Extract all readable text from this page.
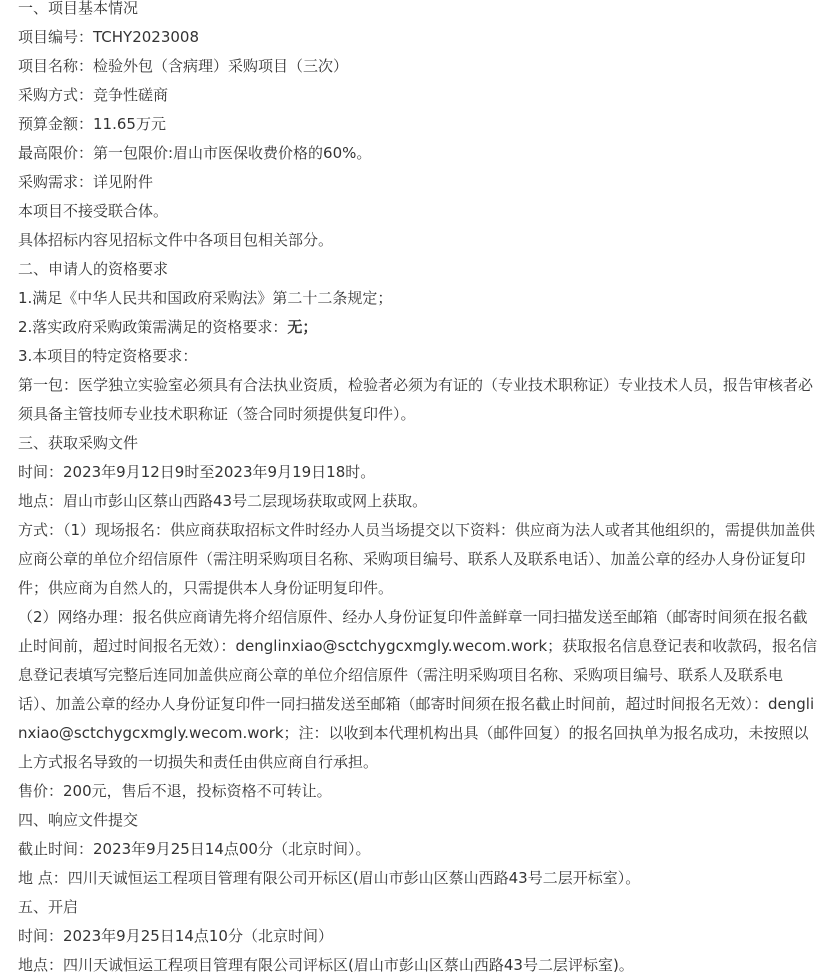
一、项目基本情况
项目编号：TCHY2023008
项目名称：检验外包（含病理）采购项目（三次）
采购方式：竞争性磋商
预算金额：11.65万元
最高限价：第一包限价:眉山市医保收费价格的60%。
采购需求：详见附件
本项目不接受联合体。
具体招标内容见招标文件中各项目包相关部分。
二、申请人的资格要求
1.满足《中华人民共和国政府采购法》第二十二条规定；
2.落实政府采购政策需满足的资格要求：无；
3.本项目的特定资格要求：
第一包：医学独立实验室必须具有合法执业资质，检验者必须为有证的（专业技术职称证）专业技术人员，报告审核者必须具备主管技师专业技术职称证（签合同时须提供复印件）。
三、获取采购文件
时间：2023年9月12日9时至2023年9月19日18时。
地点：眉山市彭山区蔡山西路43号二层现场获取或网上获取。
方式：（1）现场报名：供应商获取招标文件时经办人员当场提交以下资料：供应商为法人或者其他组织的，需提供加盖供应商公章的单位介绍信原件（需注明采购项目名称、采购项目编号、联系人及联系电话）、加盖公章的经办人身份证复印件；供应商为自然人的，只需提供本人身份证明复印件。
（2）网络办理：报名供应商请先将介绍信原件、经办人身份证复印件盖鲜章一同扫描发送至邮箱（邮寄时间须在报名截止时间前，超过时间报名无效）：denglinxiao@sctchygcxmgly.wecom.work；获取报名信息登记表和收款码，报名信息登记表填写完整后连同加盖供应商公章的单位介绍信原件（需注明采购项目名称、采购项目编号、联系人及联系电话）、加盖公章的经办人身份证复印件一同扫描发送至邮箱（邮寄时间须在报名截止时间前，超过时间报名无效）：denglinxiao@sctchygcxmgly.wecom.work；注：以收到本代理机构出具（邮件回复）的报名回执单为报名成功，未按照以上方式报名导致的一切损失和责任由供应商自行承担。
售价：200元，售后不退，投标资格不可转让。
四、响应文件提交
截止时间：2023年9月25日14点00分（北京时间）。
地 点：四川天诚恒运工程项目管理有限公司开标区(眉山市彭山区蔡山西路43号二层开标室）。
五、开启
时间：2023年9月25日14点10分（北京时间）
地点：四川天诚恒运工程项目管理有限公司评标区(眉山市彭山区蔡山西路43号二层评标室)。
